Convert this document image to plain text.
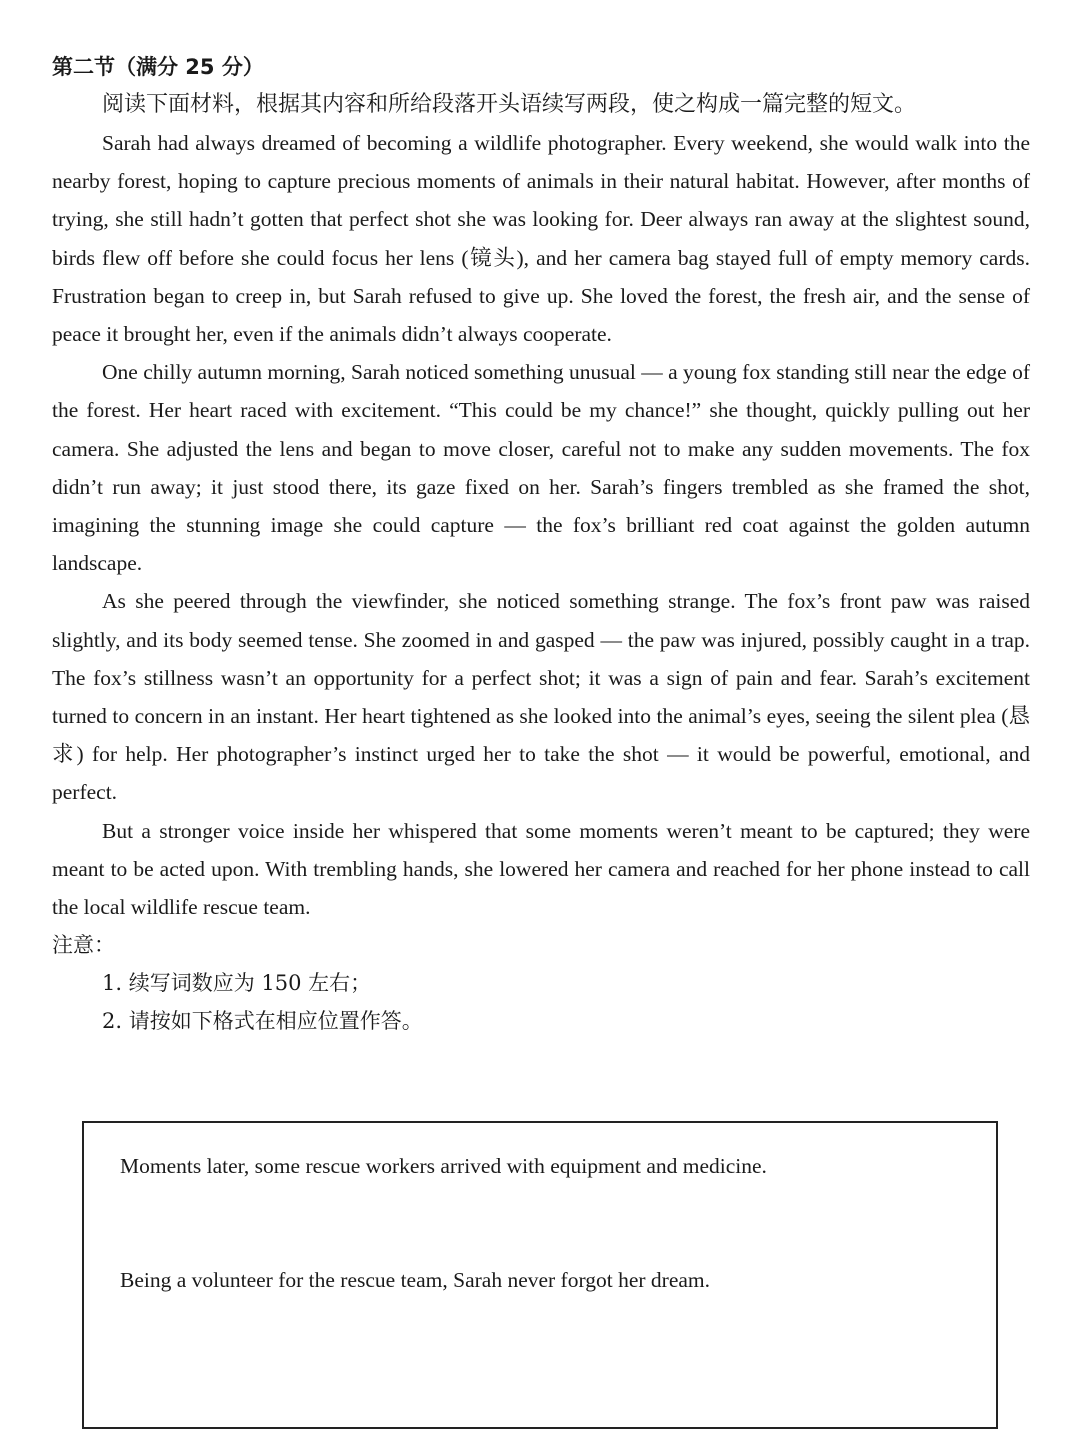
第二节（满分 25 分）

阅读下面材料，根据其内容和所给段落开头语续写两段，使之构成一篇完整的短文。

Sarah had always dreamed of becoming a wildlife photographer. Every weekend, she would walk into the nearby forest, hoping to capture precious moments of animals in their natural habitat. However, after months of trying, she still hadn’t gotten that perfect shot she was looking for. Deer always ran away at the slightest sound, birds flew off before she could focus her lens (镜头), and her camera bag stayed full of empty memory cards. Frustration began to creep in, but Sarah refused to give up. She loved the forest, the fresh air, and the sense of peace it brought her, even if the animals didn’t always cooperate.

One chilly autumn morning, Sarah noticed something unusual — a young fox standing still near the edge of the forest. Her heart raced with excitement. “This could be my chance!” she thought, quickly pulling out her camera. She adjusted the lens and began to move closer, careful not to make any sudden movements. The fox didn’t run away; it just stood there, its gaze fixed on her. Sarah’s fingers trembled as she framed the shot, imagining the stunning image she could capture — the fox’s brilliant red coat against the golden autumn landscape.

As she peered through the viewfinder, she noticed something strange. The fox’s front paw was raised slightly, and its body seemed tense. She zoomed in and gasped — the paw was injured, possibly caught in a trap. The fox’s stillness wasn’t an opportunity for a perfect shot; it was a sign of pain and fear. Sarah’s excitement turned to concern in an instant. Her heart tightened as she looked into the animal’s eyes, seeing the silent plea (恳求) for help. Her photographer’s instinct urged her to take the shot — it would be powerful, emotional, and perfect.

But a stronger voice inside her whispered that some moments weren’t meant to be captured; they were meant to be acted upon. With trembling hands, she lowered her camera and reached for her phone instead to call the local wildlife rescue team.

注意：

1. 续写词数应为 150 左右；
2. 请按如下格式在相应位置作答。

Moments later, some rescue workers arrived with equipment and medicine.

Being a volunteer for the rescue team, Sarah never forgot her dream.
